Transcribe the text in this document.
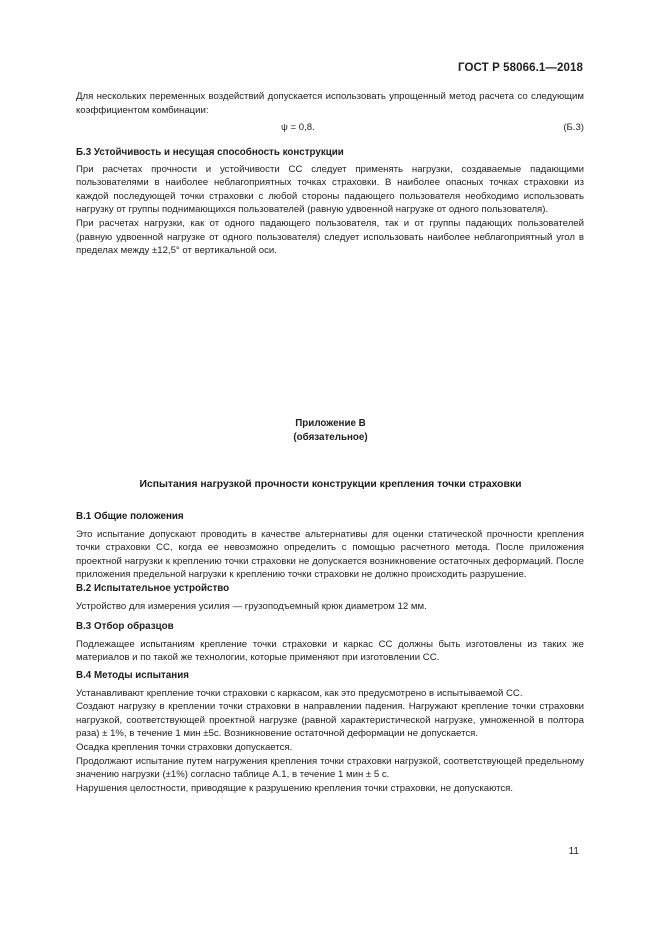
ГОСТ Р 58066.1—2018

Для нескольких переменных воздействий допускается использовать упрощенный метод расчета со следующим коэффициентом комбинации:

ψ = 0,8.	(Б.3)

Б.3 Устойчивость и несущая способность конструкции

При расчетах прочности и устойчивости СС следует применять нагрузки, создаваемые падающими пользователями в наиболее неблагоприятных точках страховки. В наиболее опасных точках страховки из каждой последующей точки страховки с любой стороны падающего пользователя необходимо использовать нагрузку от группы поднимающихся пользователей (равную удвоенной нагрузке от одного пользователя).

При расчетах нагрузки, как от одного падающего пользователя, так и от группы падающих пользователей (равную удвоенной нагрузке от одного пользователя) следует использовать наиболее неблагоприятный угол в пределах между ±12,5° от вертикальной оси.

Приложение В
(обязательное)
Испытания нагрузкой прочности конструкции крепления точки страховки

В.1 Общие положения

Это испытание допускают проводить в качестве альтернативы для оценки статической прочности крепления точки страховки СС, когда ее невозможно определить с помощью расчетного метода. После приложения проектной нагрузки к креплению точки страховки не допускается возникновение остаточных деформаций. После приложения предельной нагрузки к креплению точки страховки не должно происходить разрушение.

В.2 Испытательное устройство

Устройство для измерения усилия — грузоподъемный крюк диаметром 12 мм.

В.3 Отбор образцов

Подлежащее испытаниям крепление точки страховки и каркас СС должны быть изготовлены из таких же материалов и по такой же технологии, которые применяют при изготовлении СС.

В.4 Методы испытания

Устанавливают крепление точки страховки с каркасом, как это предусмотрено в испытываемой СС.

Создают нагрузку в креплении точки страховки в направлении падения. Нагружают крепление точки страховки нагрузкой, соответствующей проектной нагрузке (равной характеристической нагрузке, умноженной в полтора раза) ± 1%, в течение 1 мин ±5с. Возникновение остаточной деформации не допускается.

Осадка крепления точки страховки допускается.

Продолжают испытание путем нагружения крепления точки страховки нагрузкой, соответствующей предельному значению нагрузки (±1%) согласно таблице А.1, в течение 1 мин ± 5 с.

Нарушения целостности, приводящие к разрушению крепления точки страховки, не допускаются.

11
